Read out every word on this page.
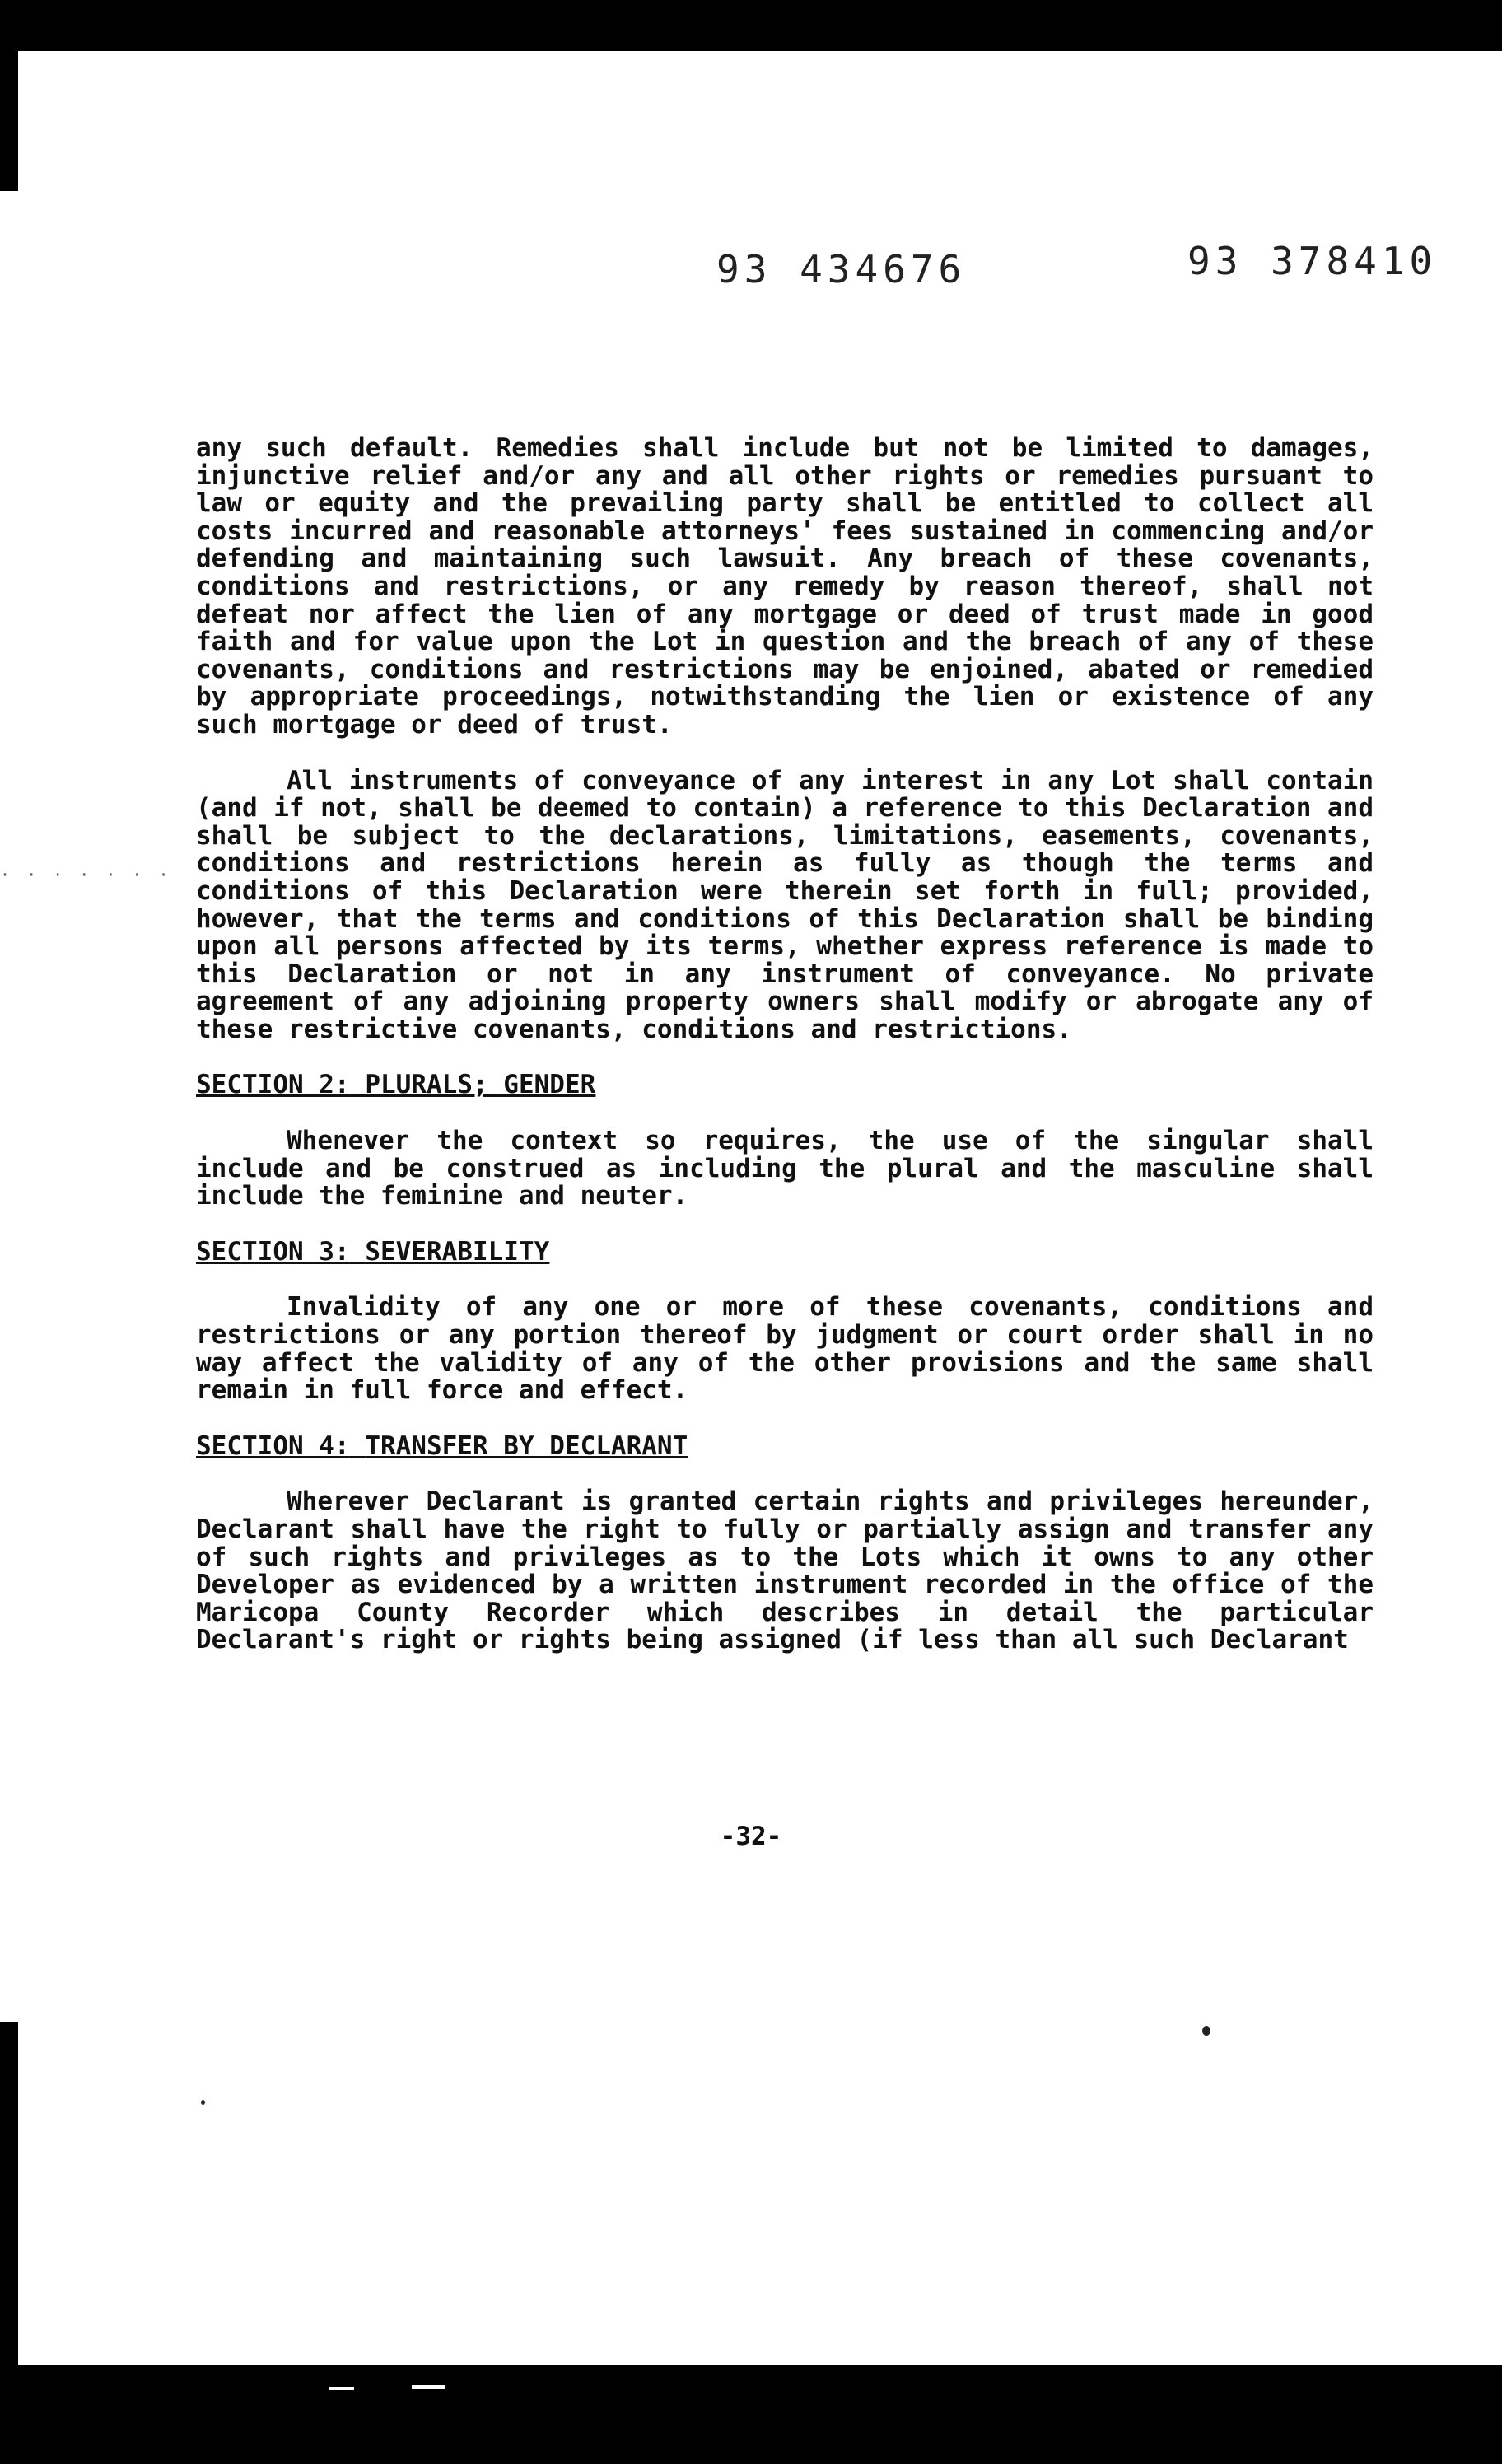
93 434676	93 378410
· · · · · · ·

any such default. Remedies shall include but not be limited to damages, injunctive relief and/or any and all other rights or remedies pursuant to law or equity and the prevailing party shall be entitled to collect all costs incurred and reasonable attorneys' fees sustained in commencing and/or defending and maintaining such lawsuit. Any breach of these covenants, conditions and restrictions, or any remedy by reason thereof, shall not defeat nor affect the lien of any mortgage or deed of trust made in good faith and for value upon the Lot in question and the breach of any of these covenants, conditions and restrictions may be enjoined, abated or remedied by appropriate proceedings, notwithstanding the lien or existence of any such mortgage or deed of trust.

All instruments of conveyance of any interest in any Lot shall contain (and if not, shall be deemed to contain) a reference to this Declaration and shall be subject to the declarations, limitations, easements, covenants, conditions and restrictions herein as fully as though the terms and conditions of this Declaration were therein set forth in full; provided, however, that the terms and conditions of this Declaration shall be binding upon all persons affected by its terms, whether express reference is made to this Declaration or not in any instrument of conveyance. No private agreement of any adjoining property owners shall modify or abrogate any of these restrictive covenants, conditions and restrictions.

SECTION 2: PLURALS; GENDER

Whenever the context so requires, the use of the singular shall include and be construed as including the plural and the masculine shall include the feminine and neuter.

SECTION 3: SEVERABILITY

Invalidity of any one or more of these covenants, conditions and restrictions or any portion thereof by judgment or court order shall in no way affect the validity of any of the other provisions and the same shall remain in full force and effect.

SECTION 4: TRANSFER BY DECLARANT

Wherever Declarant is granted certain rights and privileges hereunder, Declarant shall have the right to fully or partially assign and transfer any of such rights and privileges as to the Lots which it owns to any other Developer as evidenced by a written instrument recorded in the office of the Maricopa County Recorder which describes in detail the particular Declarant's right or rights being assigned (if less than all such Declarant

-32-
